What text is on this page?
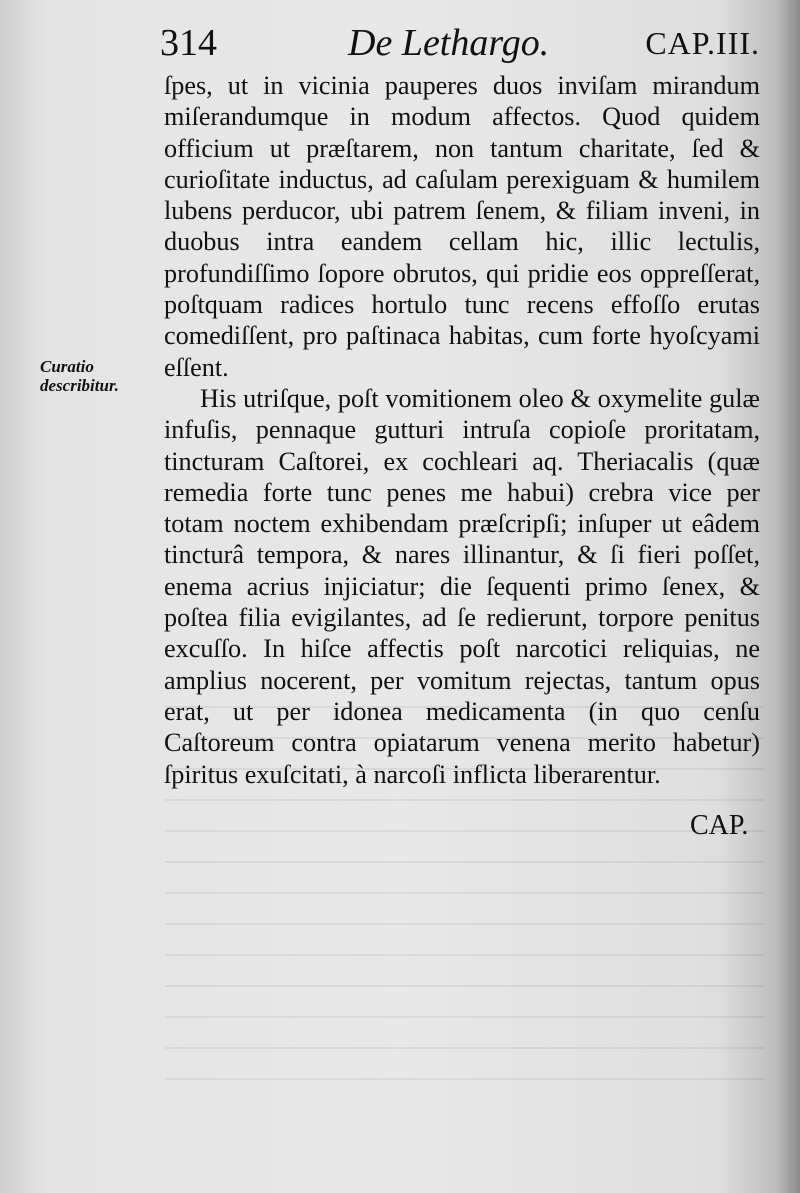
314	De Lethargo.	CAP.III.
Curatio describitur.

ſpes, ut in vicinia pauperes duos inviſam mirandum miſerandumque in modum affectos. Quod quidem officium ut præſtarem, non tantum charitate, ſed & curioſitate inductus, ad caſulam perexiguam & humilem lubens perducor, ubi patrem ſenem, & filiam inveni, in duobus intra eandem cellam hic, illic lectulis, profundiſſimo ſopore obrutos, qui pridie eos oppreſſerat, poſtquam radices hortulo tunc recens effoſſo erutas comediſſent, pro paſtinaca habitas, cum forte hyoſcyami eſſent.

His utriſque, poſt vomitionem oleo & oxymelite gulæ infuſis, pennaque gutturi intruſa copioſe proritatam, tincturam Caſtorei, ex cochleari aq. Theriacalis (quæ remedia forte tunc penes me habui) crebra vice per totam noctem exhibendam præſcripſi; inſuper ut eâdem tincturâ tempora, & nares illinantur, & ſi fieri poſſet, enema acrius injiciatur; die ſequenti primo ſenex, & poſtea filia evigilantes, ad ſe redierunt, torpore penitus excuſſo. In hiſce affectis poſt narcotici reliquias, ne amplius nocerent, per vomitum rejectas, tantum opus erat, ut per idonea medicamenta (in quo cenſu Caſtoreum contra opiatarum venena merito habetur) ſpiritus exuſcitati, à narcoſi inflicta liberarentur.

CAP.
